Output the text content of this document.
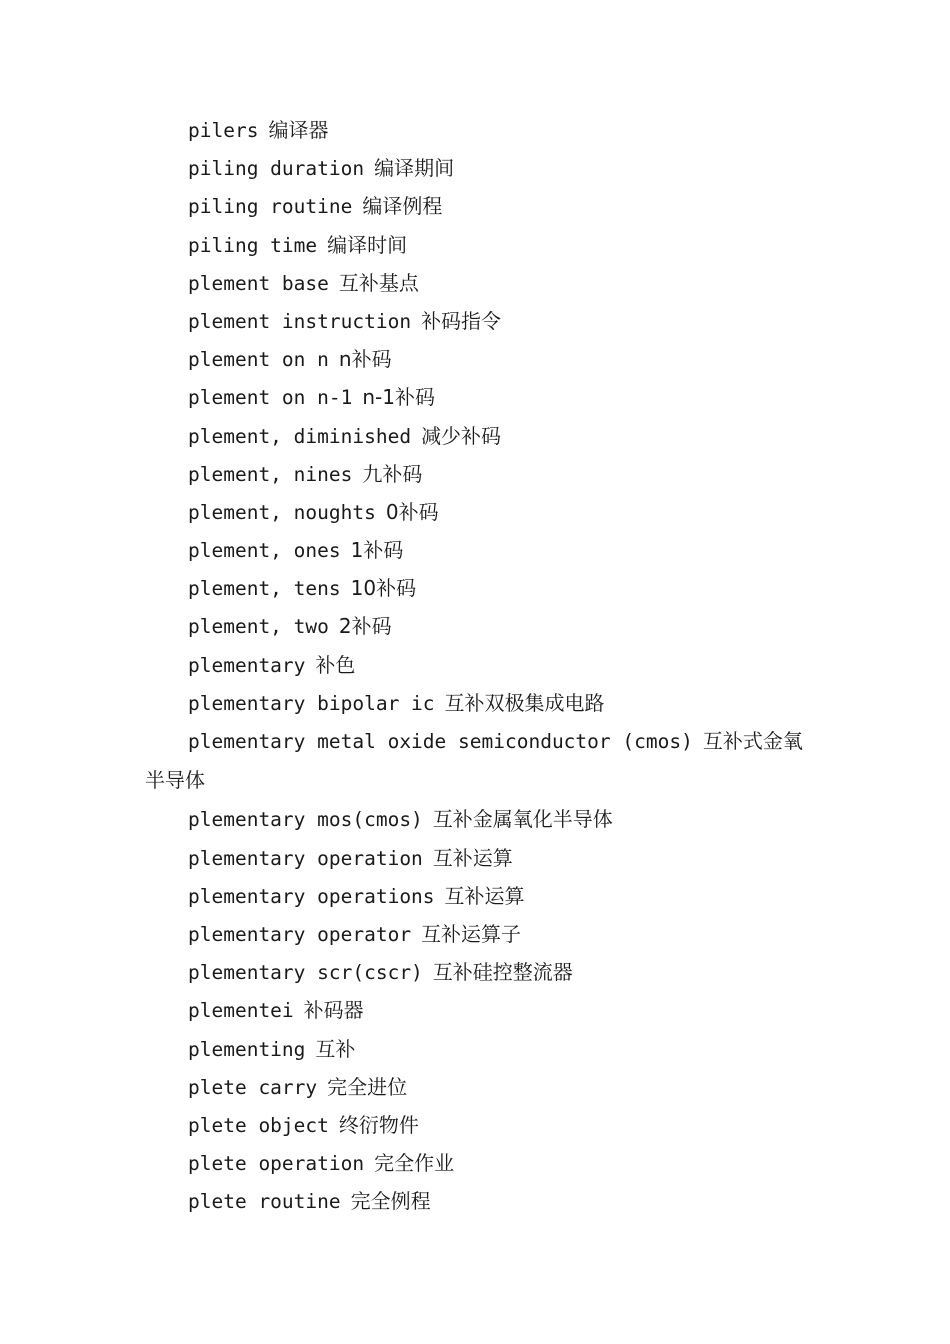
pilers 编译器
piling duration 编译期间
piling routine 编译例程
piling time 编译时间
plement base 互补基点
plement instruction 补码指令
plement on n n补码
plement on n-1 n-1补码
plement, diminished 减少补码
plement, nines 九补码
plement, noughts 0补码
plement, ones 1补码
plement, tens 10补码
plement, two 2补码
plementary 补色
plementary bipolar ic 互补双极集成电路
plementary metal oxide semiconductor (cmos) 互补式金氧半导体
plementary mos(cmos) 互补金属氧化半导体
plementary operation 互补运算
plementary operations 互补运算
plementary operator 互补运算子
plementary scr(cscr) 互补硅控整流器
plementei 补码器
plementing 互补
plete carry 完全进位
plete object 终衍物件
plete operation 完全作业
plete routine 完全例程
